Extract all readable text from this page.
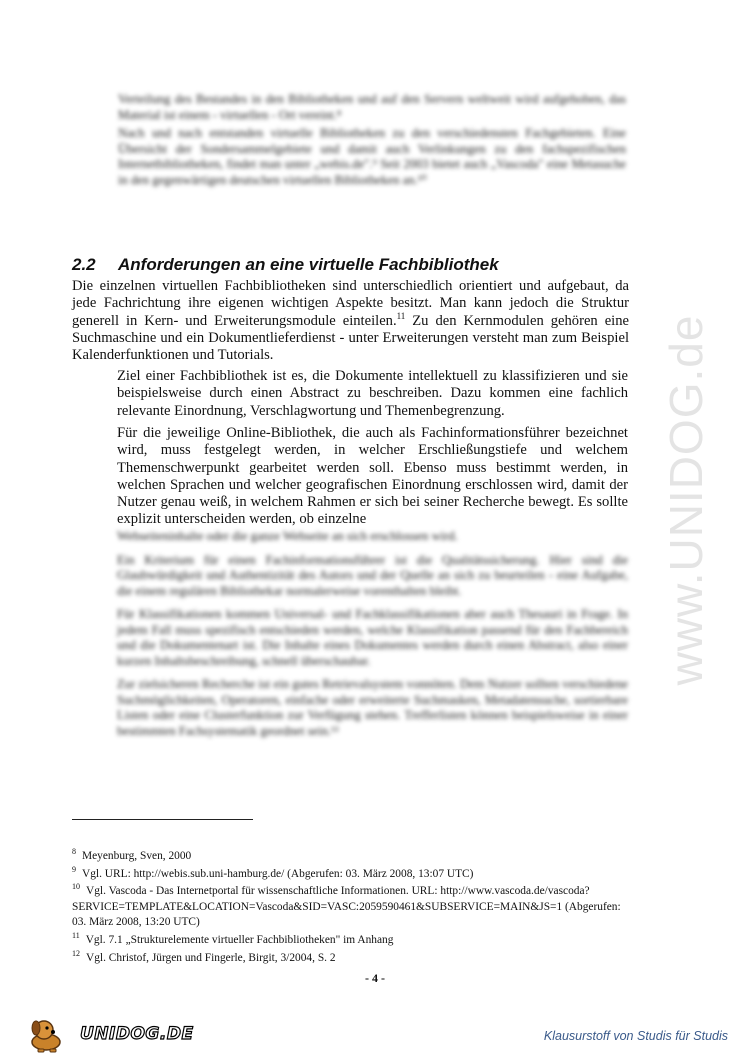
www.UNIDOG.de

Verteilung des Bestandes in den Bibliotheken und auf den Servern weltweit wird aufgehoben, das Material ist einem - virtuellen - Ort vereint.⁸

Nach und nach entstanden virtuelle Bibliotheken zu den verschiedensten Fachgebieten. Eine Übersicht der Sondersammelgebiete und damit auch Verlinkungen zu den fachspezifischen Internetbibliotheken, findet man unter „webis.de".⁹ Seit 2003 bietet auch „Vascoda" eine Metasuche in den gegenwärtigen deutschen virtuellen Bibliotheken an.¹⁰

2.2 Anforderungen an eine virtuelle Fachbibliothek

Die einzelnen virtuellen Fachbibliotheken sind unterschiedlich orientiert und aufgebaut, da jede Fachrichtung ihre eigenen wichtigen Aspekte besitzt. Man kann jedoch die Struktur generell in Kern- und Erweiterungsmodule einteilen.$^{11}$ Zu den Kernmodulen gehören eine Suchmaschine und ein Dokumentlieferdienst - unter Erweiterungen versteht man zum Beispiel Kalenderfunktionen und Tutorials.

Ziel einer Fachbibliothek ist es, die Dokumente intellektuell zu klassifizieren und sie beispielsweise durch einen Abstract zu beschreiben. Dazu kommen eine fachlich relevante Einordnung, Verschlagwortung und Themenbegrenzung.

Für die jeweilige Online-Bibliothek, die auch als Fachinformationsführer bezeichnet wird, muss festgelegt werden, in welcher Erschließungstiefe und welchem Themenschwerpunkt gearbeitet werden soll. Ebenso muss bestimmt werden, in welchen Sprachen und welcher geografischen Einordnung erschlossen wird, damit der Nutzer genau weiß, in welchem Rahmen er sich bei seiner Recherche bewegt. Es sollte explizit unterscheiden werden, ob einzelne

Webseiteninhalte oder die ganze Webseite an sich erschlossen wird.

Ein Kriterium für einen Fachinformationsführer ist die Qualitätssicherung. Hier sind die Glaubwürdigkeit und Authentizität des Autors und der Quelle an sich zu beurteilen - eine Aufgabe, die einem regulären Bibliothekar normalerweise vorenthalten bleibt.

Für Klassifikationen kommen Universal- und Fachklassifikationen aber auch Thesauri in Frage. In jedem Fall muss spezifisch entschieden werden, welche Klassifikation passend für den Fachbereich und die Dokumentenart ist. Die Inhalte eines Dokumentes werden durch einen Abstract, also einer kurzen Inhaltsbeschreibung, schnell überschaubar.

Zur zielsicheren Recherche ist ein gutes Retrievalsystem vonnöten. Dem Nutzer sollten verschiedene Suchmöglichkeiten, Operatoren, einfache oder erweiterte Suchmasken, Metadatensuche, sortierbare Listen oder eine Clusterfunktion zur Verfügung stehen. Trefferlisten können beispielsweise in einer bestimmten Fachsystematik geordnet sein.¹²

$^8$ Meyenburg, Sven, 2000
$^9$ Vgl. URL: http://webis.sub.uni-hamburg.de/ (Abgerufen: 03. März 2008, 13:07 UTC)
$^{10}$ Vgl. Vascoda - Das Internetportal für wissenschaftliche Informationen. URL: http://www.vascoda.de/vascoda?SERVICE=TEMPLATE&LOCATION=Vascoda&SID=VASC:2059590461&SUBSERVICE=MAIN&JS=1 (Abgerufen: 03. März 2008, 13:20 UTC)
$^{11}$ Vgl. 7.1 „Strukturelemente virtueller Fachbibliotheken" im Anhang
$^{12}$ Vgl. Christof, Jürgen und Fingerle, Birgit, 3/2004, S. 2
- 4 -
UNIDOG.DE	Klausurstoff von Studis für Studis
